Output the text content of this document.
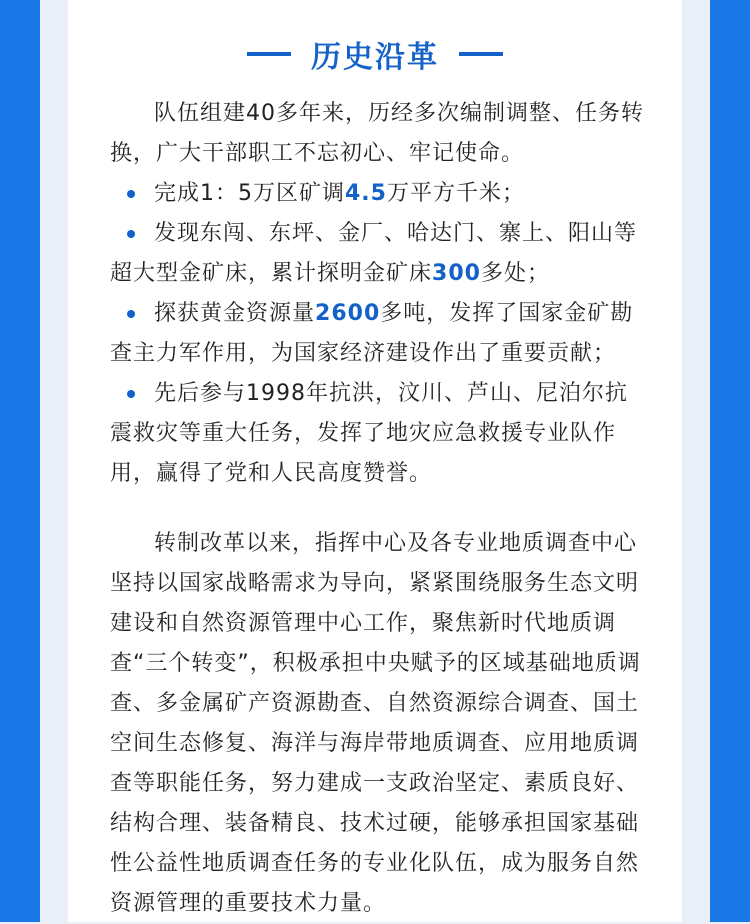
历史沿革

队伍组建40多年来，历经多次编制调整、任务转换，广大干部职工不忘初心、牢记使命。

完成1：5万区矿调4.5万平方千米；

发现东闯、东坪、金厂、哈达门、寨上、阳山等超大型金矿床，累计探明金矿床300多处；

探获黄金资源量2600多吨，发挥了国家金矿勘查主力军作用，为国家经济建设作出了重要贡献；

先后参与1998年抗洪，汶川、芦山、尼泊尔抗震救灾等重大任务，发挥了地灾应急救援专业队作用，赢得了党和人民高度赞誉。

转制改革以来，指挥中心及各专业地质调查中心坚持以国家战略需求为导向，紧紧围绕服务生态文明建设和自然资源管理中心工作，聚焦新时代地质调查“三个转变”，积极承担中央赋予的区域基础地质调查、多金属矿产资源勘查、自然资源综合调查、国土空间生态修复、海洋与海岸带地质调查、应用地质调查等职能任务，努力建成一支政治坚定、素质良好、结构合理、装备精良、技术过硬，能够承担国家基础性公益性地质调查任务的专业化队伍，成为服务自然资源管理的重要技术力量。
